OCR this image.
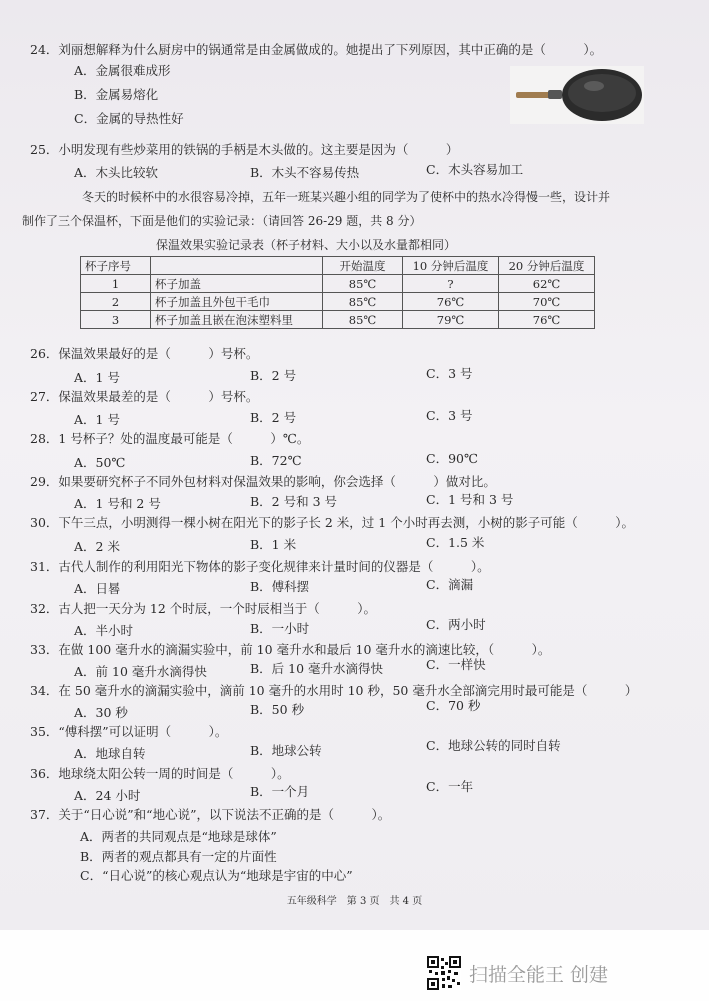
24．刘丽想解释为什么厨房中的锅通常是由金属做成的。她提出了下列原因，其中正确的是（　　　）。
A．金属很难成形
B．金属易熔化
C．金属的导热性好
25．小明发现有些炒菜用的铁锅的手柄是木头做的。这主要是因为（　　　）
A．木头比较软	B．木头不容易传热	C．木头容易加工
冬天的时候杯中的水很容易冷掉，五年一班某兴趣小组的同学为了使杯中的热水冷得慢一些，设计并
制作了三个保温杯，下面是他们的实验记录：（请回答 26-29 题，共 8 分）
保温效果实验记录表（杯子材料、大小以及水量都相同）
杯子序号		开始温度	10 分钟后温度	20 分钟后温度
1	杯子加盖	85℃	?	62℃
2	杯子加盖且外包干毛巾	85℃	76℃	70℃
3	杯子加盖且嵌在泡沫塑料里	85℃	79℃	76℃
26．保温效果最好的是（　　　）号杯。
A．1 号	B．2 号	C．3 号
27．保温效果最差的是（　　　）号杯。
A．1 号	B．2 号	C．3 号
28．1 号杯子？处的温度最可能是（　　　）℃。
A．50℃	B．72℃	C．90℃
29．如果要研究杯子不同外包材料对保温效果的影响，你会选择（　　　）做对比。
A．1 号和 2 号	B．2 号和 3 号	C．1 号和 3 号
30．下午三点，小明测得一棵小树在阳光下的影子长 2 米，过 1 个小时再去测，小树的影子可能（　　　）。
A．2 米	B．1 米	C．1.5 米
31．古代人制作的利用阳光下物体的影子变化规律来计量时间的仪器是（　　　）。
A．日晷	B．傅科摆	C．滴漏
32．古人把一天分为 12 个时辰，一个时辰相当于（　　　）。
A．半小时	B．一小时	C．两小时
33．在做 100 毫升水的滴漏实验中，前 10 毫升水和最后 10 毫升水的滴速比较，（　　　）。
A．前 10 毫升水滴得快	B．后 10 毫升水滴得快	C．一样快
34．在 50 毫升水的滴漏实验中，滴前 10 毫升的水用时 10 秒，50 毫升水全部滴完用时最可能是（　　　）
A．30 秒	B．50 秒	C．70 秒
35．“傅科摆”可以证明（　　　）。
A．地球自转	B．地球公转	C．地球公转的同时自转
36．地球绕太阳公转一周的时间是（　　　）。
A．24 小时	B．一个月	C．一年
37．关于“日心说”和“地心说”，以下说法不正确的是（　　　）。
A．两者的共同观点是“地球是球体”
B．两者的观点都具有一定的片面性
C．“日心说”的核心观点认为“地球是宇宙的中心”
五年级科学　第 3 页　共 4 页
扫描全能王 创建
